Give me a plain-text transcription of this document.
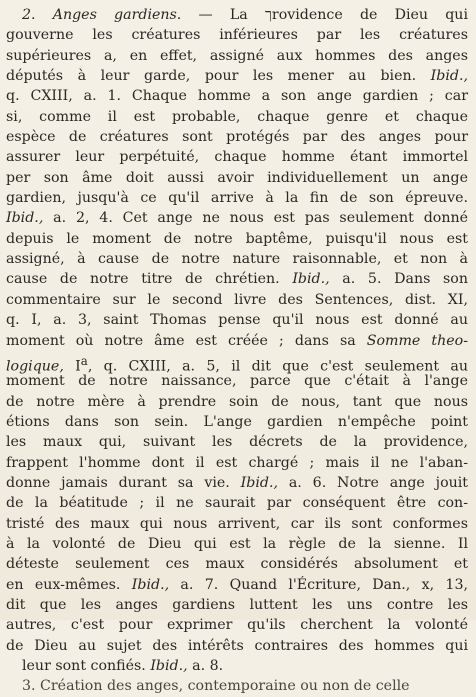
2. Anges gardiens. — La ךrovidence de Dieu qui
gouverne les créatures inférieures par les créatures
supérieures a, en effet, assigné aux hommes des anges
députés à leur garde, pour les mener au bien. Ibid.,
q. CXIII, a. 1. Chaque homme a son ange gardien ; car
si, comme il est probable, chaque genre et chaque
espèce de créatures sont protégés par des anges pour
assurer leur perpétuité, chaque homme étant immortel
per son âme doit aussi avoir individuellement un ange
gardien, jusqu'à ce qu'il arrive à la fin de son épreuve.
Ibid., a. 2, 4. Cet ange ne nous est pas seulement donné
depuis le moment de notre baptême, puisqu'il nous est
assigné, à cause de notre nature raisonnable, et non à
cause de notre titre de chrétien. Ibid., a. 5. Dans son
commentaire sur le second livre des Sentences, dist. XI,
q. I, a. 3, saint Thomas pense qu'il nous est donné au
moment où notre âme est créée ; dans sa Somme theo-
logique, $I^a$, q. CXIII, a. 5, il dit que c'est seulement au
moment de notre naissance, parce que c'était à l'ange
de notre mère à prendre soin de nous, tant que nous
étions dans son sein. L'ange gardien n'empêche point
les maux qui, suivant les décrets de la providence,
frappent l'homme dont il est chargé ; mais il ne l'aban-
donne jamais durant sa vie. Ibid., a. 6. Notre ange jouit
de la béatitude ; il ne saurait par conséquent être con-
tristé des maux qui nous arrivent, car ils sont conformes
à la volonté de Dieu qui est la règle de la sienne. Il
déteste seulement ces maux considérés absolument et
en eux-mêmes. Ibid., a. 7. Quand l'Écriture, Dan., x, 13,
dit que les anges gardiens luttent les uns contre les
autres, c'est pour exprimer qu'ils cherchent la volonté
de Dieu au sujet des intérêts contraires des hommes qui
leur sont confiés. Ibid., a. 8.
3. Création des anges, contemporaine ou non de celle
